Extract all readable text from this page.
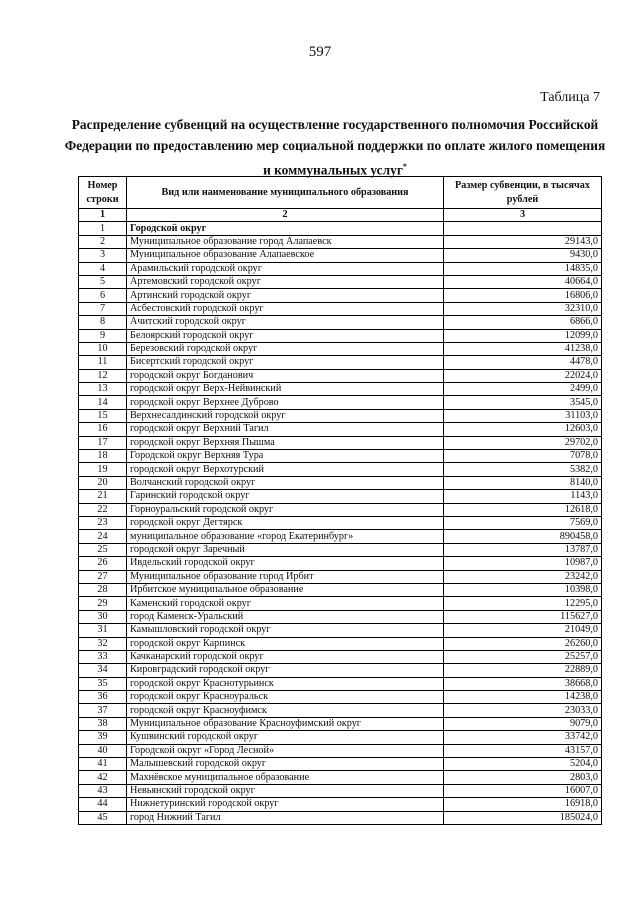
597
Таблица 7
Распределение субвенций на осуществление государственного полномочия Российской Федерации по предоставлению мер социальной поддержки по оплате жилого помещения и коммунальных услуг*
Номер строки	Вид или наименование муниципального образования	Размер субвенции, в тысячах рублей
1	2	3
1	Городской округ	
2	Муниципальное образование город Алапаевск	29143,0
3	Муниципальное образование Алапаевское	9430,0
4	Арамильский городской округ	14835,0
5	Артемовский городской округ	40664,0
6	Артинский городской округ	16806,0
7	Асбестовский городской округ	32310,0
8	Ачитский городской округ	6866,0
9	Белоярский городской округ	12099,0
10	Березовский городской округ	41238,0
11	Бисертский городской округ	4478,0
12	городской округ Богданович	22024,0
13	городской округ Верх-Нейвинский	2499,0
14	городской округ Верхнее Дуброво	3545,0
15	Верхнесалдинский городской округ	31103,0
16	городской округ Верхний Тагил	12603,0
17	городской округ Верхняя Пышма	29702,0
18	Городской округ Верхняя Тура	7078,0
19	городской округ Верхотурский	5382,0
20	Волчанский городской округ	8140,0
21	Гаринский городской округ	1143,0
22	Горноуральский городской округ	12618,0
23	городской округ Дегтярск	7569,0
24	муниципальное образование «город Екатеринбург»	890458,0
25	городской округ Заречный	13787,0
26	Ивдельский городской округ	10987,0
27	Муниципальное образование город Ирбит	23242,0
28	Ирбитское муниципальное образование	10398,0
29	Каменский городской округ	12295,0
30	город Каменск-Уральский	115627,0
31	Камышловский городской округ	21049,0
32	городской округ Карпинск	26260,0
33	Качканарский городской округ	25257,0
34	Кировградский городской округ	22889,0
35	городской округ Краснотурьинск	38668,0
36	городской округ Красноуральск	14238,0
37	городской округ Красноуфимск	23033,0
38	Муниципальное образование Красноуфимский округ	9079,0
39	Кушвинский городской округ	33742,0
40	Городской округ «Город Лесной»	43157,0
41	Малышевский городской округ	5204,0
42	Махнёвское муниципальное образование	2803,0
43	Невьянский городской округ	16007,0
44	Нижнетуринский городской округ	16918,0
45	город Нижний Тагил	185024,0
